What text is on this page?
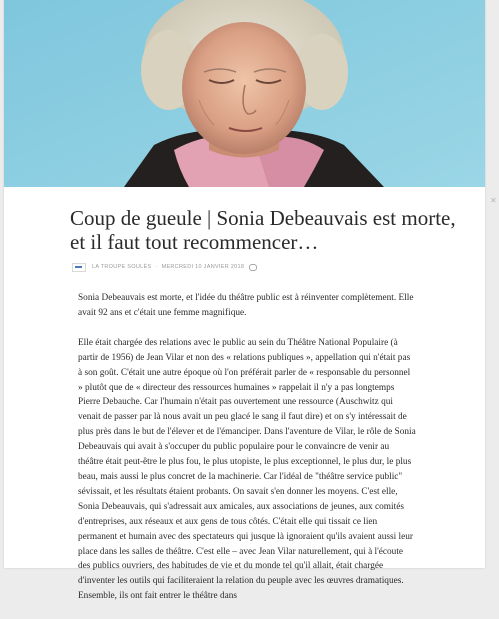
Coup de gueule | Sonia Debeauvais est morte, et il faut tout recommencer…
LA TROUPE SOULÈS · MERCREDI 10 JANVIER 2018

Sonia Debeauvais est morte, et l'idée du théâtre public est à réinventer complètement. Elle avait 92 ans et c'était une femme magnifique.

Elle était chargée des relations avec le public au sein du Théâtre National Populaire (à partir de 1956) de Jean Vilar et non des « relations publiques », appellation qui n'était pas à son goût. C'était une autre époque où l'on préférait parler de « responsable du personnel » plutôt que de « directeur des ressources humaines » rappelait il n'y a pas longtemps Pierre Debauche. Car l'humain n'était pas ouvertement une ressource (Auschwitz qui venait de passer par là nous avait un peu glacé le sang il faut dire) et on s'y intéressait de plus près dans le but de l'élever et de l'émanciper. Dans l'aventure de Vilar, le rôle de Sonia Debeauvais qui avait à s'occuper du public populaire pour le convaincre de venir au théâtre était peut-être le plus fou, le plus utopiste, le plus exceptionnel, le plus dur, le plus beau, mais aussi le plus concret de la machinerie. Car l'idéal de "théâtre service public" sévissait, et les résultats étaient probants. On savait s'en donner les moyens. C'est elle, Sonia Debeauvais, qui s'adressait aux amicales, aux associations de jeunes, aux comités d'entreprises, aux réseaux et aux gens de tous côtés. C'était elle qui tissait ce lien permanent et humain avec des spectateurs qui jusque là ignoraient qu'ils avaient aussi leur place dans les salles de théâtre. C'est elle – avec Jean Vilar naturellement, qui à l'écoute des publics ouvriers, des habitudes de vie et du monde tel qu'il allait, était chargée d'inventer les outils qui faciliteraient la relation du peuple avec les œuvres dramatiques. Ensemble, ils ont fait entrer le théâtre dans

✕
